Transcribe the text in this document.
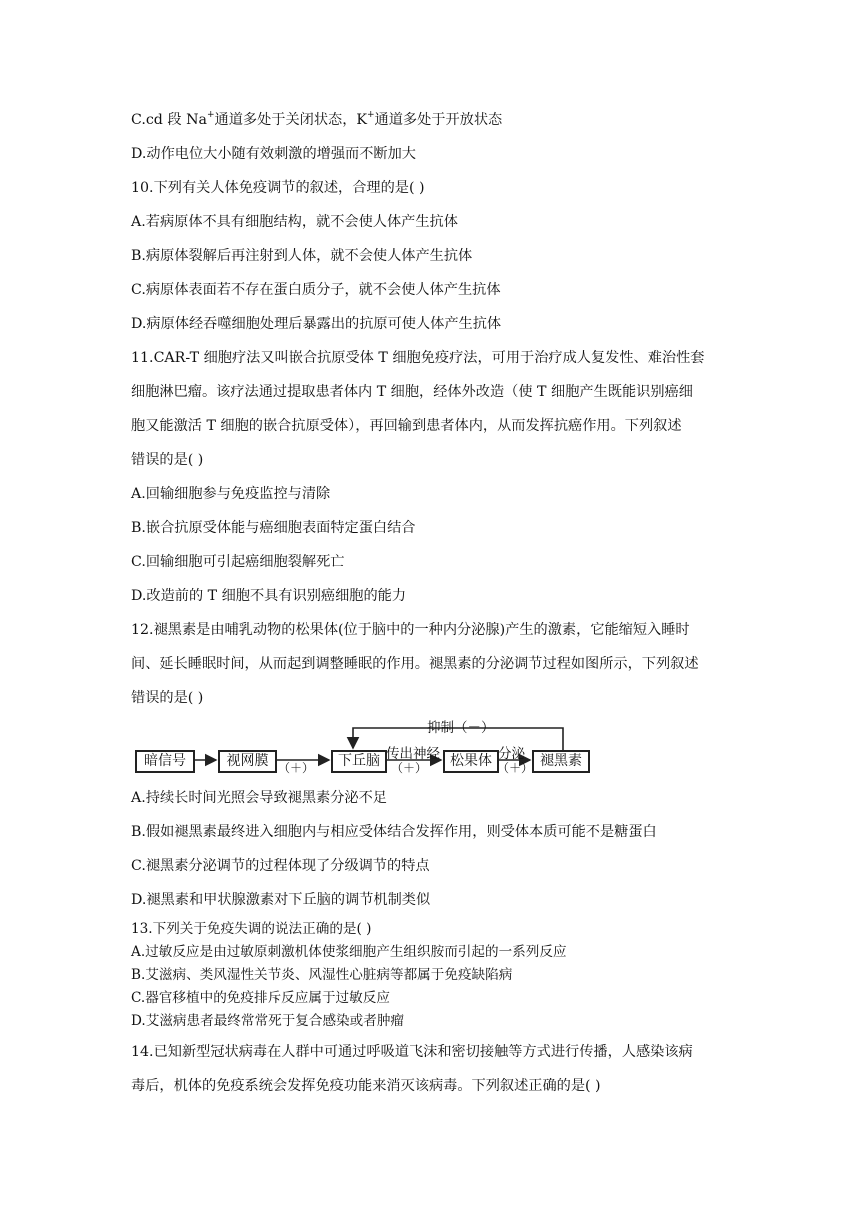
C.cd 段 Na+通道多处于关闭状态，K+通道多处于开放状态
D.动作电位大小随有效刺激的增强而不断加大
10.下列有关人体免疫调节的叙述，合理的是( )
A.若病原体不具有细胞结构，就不会使人体产生抗体
B.病原体裂解后再注射到人体，就不会使人体产生抗体
C.病原体表面若不存在蛋白质分子，就不会使人体产生抗体
D.病原体经吞噬细胞处理后暴露出的抗原可使人体产生抗体
11.CAR-T 细胞疗法又叫嵌合抗原受体 T 细胞免疫疗法，可用于治疗成人复发性、难治性套
细胞淋巴瘤。该疗法通过提取患者体内 T 细胞，经体外改造（使 T 细胞产生既能识别癌细
胞又能激活 T 细胞的嵌合抗原受体），再回输到患者体内，从而发挥抗癌作用。下列叙述
错误的是( )
A.回输细胞参与免疫监控与清除
B.嵌合抗原受体能与癌细胞表面特定蛋白结合
C.回输细胞可引起癌细胞裂解死亡
D.改造前的 T 细胞不具有识别癌细胞的能力
12.褪黑素是由哺乳动物的松果体(位于脑中的一种内分泌腺)产生的激素，它能缩短入睡时
间、延长睡眠时间，从而起到调整睡眠的作用。褪黑素的分泌调节过程如图所示，下列叙述
错误的是( )
暗信号	视网膜	下丘脑	松果体	褪黑素
抑制（－）
传出神经	分泌
（＋）	（＋）	（＋）
A.持续长时间光照会导致褪黑素分泌不足
B.假如褪黑素最终进入细胞内与相应受体结合发挥作用，则受体本质可能不是糖蛋白
C.褪黑素分泌调节的过程体现了分级调节的特点
D.褪黑素和甲状腺激素对下丘脑的调节机制类似
13.下列关于免疫失调的说法正确的是( )
A.过敏反应是由过敏原刺激机体使浆细胞产生组织胺而引起的一系列反应
B.艾滋病、类风湿性关节炎、风湿性心脏病等都属于免疫缺陷病
C.器官移植中的免疫排斥反应属于过敏反应
D.艾滋病患者最终常常死于复合感染或者肿瘤
14.已知新型冠状病毒在人群中可通过呼吸道飞沫和密切接触等方式进行传播，人感染该病
毒后，机体的免疫系统会发挥免疫功能来消灭该病毒。下列叙述正确的是( )
